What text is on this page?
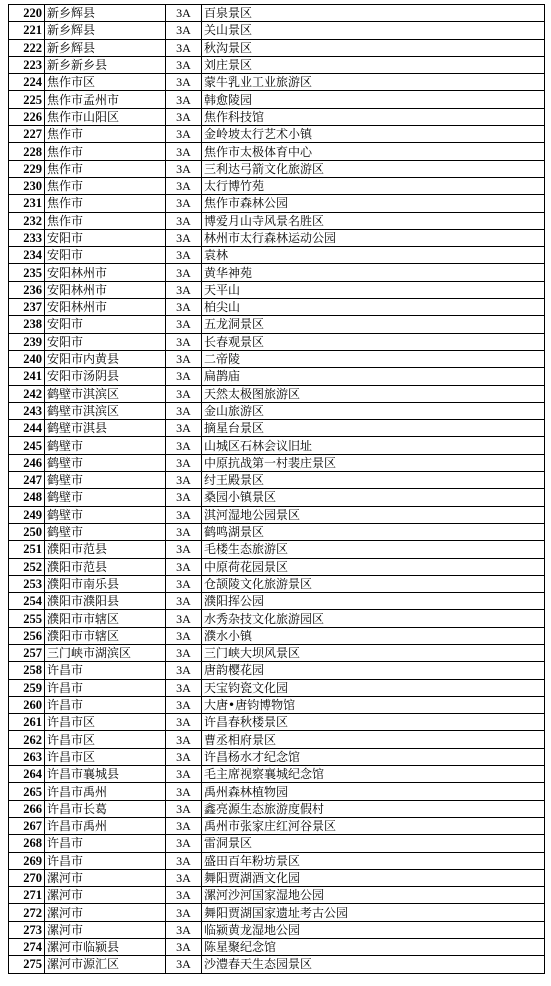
220	新乡辉县	3A	百泉景区
221	新乡辉县	3A	关山景区
222	新乡辉县	3A	秋沟景区
223	新乡新乡县	3A	刘庄景区
224	焦作市区	3A	蒙牛乳业工业旅游区
225	焦作市孟州市	3A	韩愈陵园
226	焦作市山阳区	3A	焦作科技馆
227	焦作市	3A	金岭坡太行艺术小镇
228	焦作市	3A	焦作市太极体育中心
229	焦作市	3A	三利达弓箭文化旅游区
230	焦作市	3A	太行博竹苑
231	焦作市	3A	焦作市森林公园
232	焦作市	3A	博爱月山寺风景名胜区
233	安阳市	3A	林州市太行森林运动公园
234	安阳市	3A	袁林
235	安阳林州市	3A	黄华神苑
236	安阳林州市	3A	天平山
237	安阳林州市	3A	柏尖山
238	安阳市	3A	五龙洞景区
239	安阳市	3A	长春观景区
240	安阳市内黄县	3A	二帝陵
241	安阳市汤阴县	3A	扁鹊庙
242	鹤壁市淇滨区	3A	天然太极图旅游区
243	鹤壁市淇滨区	3A	金山旅游区
244	鹤壁市淇县	3A	摘星台景区
245	鹤壁市	3A	山城区石林会议旧址
246	鹤壁市	3A	中原抗战第一村裴庄景区
247	鹤壁市	3A	纣王殿景区
248	鹤壁市	3A	桑园小镇景区
249	鹤壁市	3A	淇河湿地公园景区
250	鹤壁市	3A	鹤鸣湖景区
251	濮阳市范县	3A	毛楼生态旅游区
252	濮阳市范县	3A	中原荷花园景区
253	濮阳市南乐县	3A	仓颉陵文化旅游景区
254	濮阳市濮阳县	3A	濮阳挥公园
255	濮阳市市辖区	3A	水秀杂技文化旅游园区
256	濮阳市市辖区	3A	濮水小镇
257	三门峡市湖滨区	3A	三门峡大坝风景区
258	许昌市	3A	唐韵樱花园
259	许昌市	3A	天宝钧瓷文化园
260	许昌市	3A	大唐•唐钧博物馆
261	许昌市区	3A	许昌春秋楼景区
262	许昌市区	3A	曹丞相府景区
263	许昌市区	3A	许昌杨水才纪念馆
264	许昌市襄城县	3A	毛主席视察襄城纪念馆
265	许昌市禹州	3A	禹州森林植物园
266	许昌市长葛	3A	鑫亮源生态旅游度假村
267	许昌市禹州	3A	禹州市张家庄红河谷景区
268	许昌市	3A	雷洞景区
269	许昌市	3A	盛田百年粉坊景区
270	漯河市	3A	舞阳贾湖酒文化园
271	漯河市	3A	漯河沙河国家湿地公园
272	漯河市	3A	舞阳贾湖国家遗址考古公园
273	漯河市	3A	临颍黄龙湿地公园
274	漯河市临颍县	3A	陈星聚纪念馆
275	漯河市源汇区	3A	沙澧春天生态园景区
